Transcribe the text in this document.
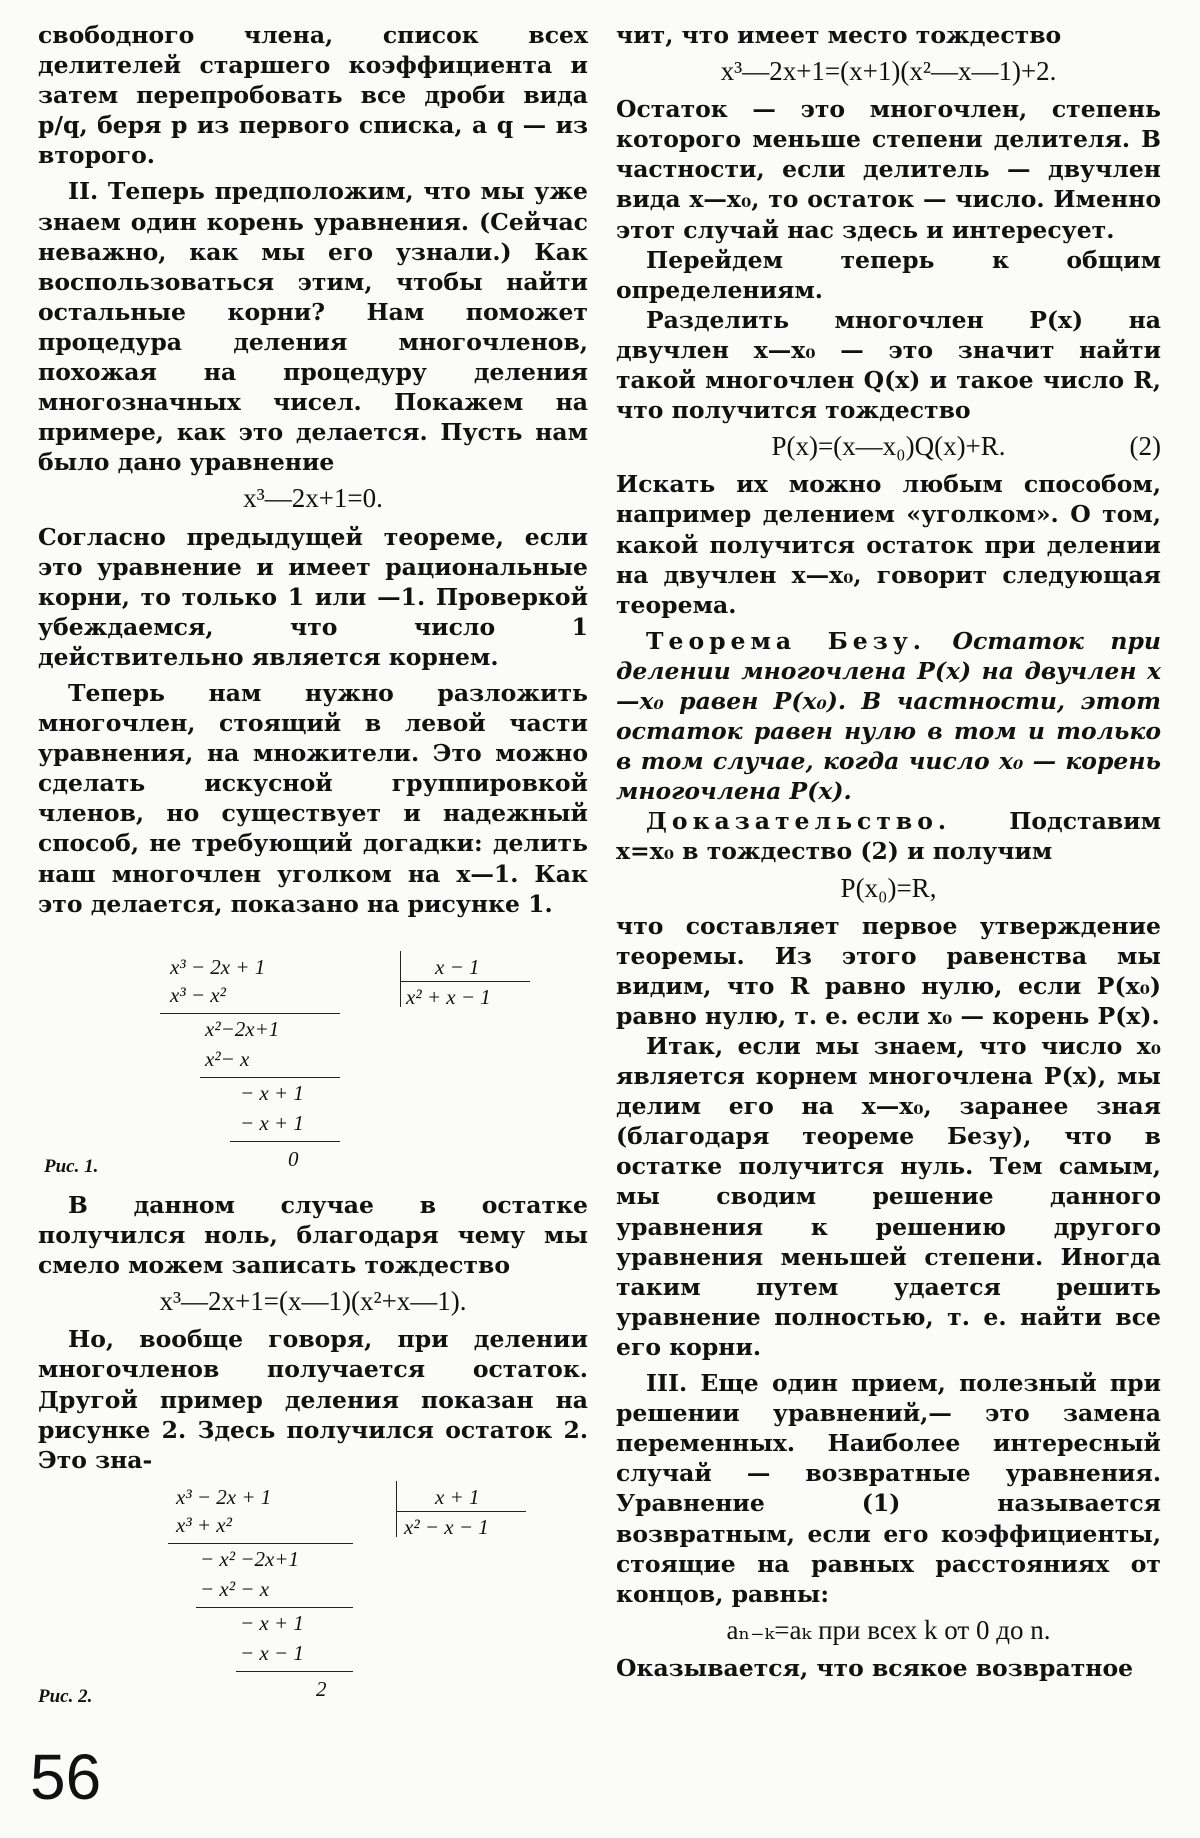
свободного члена, список всех делителей старшего коэффициента и затем перепробовать все дроби вида p/q, беря p из первого списка, а q — из второго.

II. Теперь предположим, что мы уже знаем один корень уравнения. (Сейчас неважно, как мы его узнали.) Как воспользоваться этим, чтобы найти остальные корни? Нам поможет процедура деления многочленов, похожая на процедуру деления многозначных чисел. Покажем на примере, как это делается. Пусть нам было дано уравнение

x³—2x+1=0.

Согласно предыдущей теореме, если это уравнение и имеет рациональные корни, то только 1 или —1. Проверкой убеждаемся, что число 1 действительно является корнем.

Теперь нам нужно разложить многочлен, стоящий в левой части уравнения, на множители. Это можно сделать искусной группировкой членов, но существует и надежный способ, не требующий догадки: делить наш многочлен уголком на x—1. Как это делается, показано на рисунке 1.

x³ − 2x + 1	x − 1
x³ − x²	x² + x − 1
x²−2x+1
x²− x
− x + 1
− x + 1
0
Рис. 1.

В данном случае в остатке получился ноль, благодаря чему мы смело можем записать тождество

x³—2x+1=(x—1)(x²+x—1).

Но, вообще говоря, при делении многочленов получается остаток. Другой пример деления показан на рисунке 2. Здесь получился остаток 2. Это зна-

x³ − 2x + 1	x + 1
x³ + x²	x² − x − 1
− x² −2x+1
− x² − x
− x + 1
− x − 1
2
Рис. 2.

чит, что имеет место тождество

x³—2x+1=(x+1)(x²—x—1)+2.

Остаток — это многочлен, степень которого меньше степени делителя. В частности, если делитель — двучлен вида x—x₀, то остаток — число. Именно этот случай нас здесь и интересует.

Перейдем теперь к общим определениям.

Разделить многочлен P(x) на двучлен x—x₀ — это значит найти такой многочлен Q(x) и такое число R, что получится тождество

P(x)=(x—x₀)Q(x)+R.	(2)

Искать их можно любым способом, например делением «уголком». О том, какой получится остаток при делении на двучлен x—x₀, говорит следующая теорема.

Теорема Безу. Остаток при делении многочлена P(x) на двучлен x—x₀ равен P(x₀). В частности, этот остаток равен нулю в том и только в том случае, когда число x₀ — корень многочлена P(x).

Доказательство. Подставим x=x₀ в тождество (2) и получим

P(x₀)=R,

что составляет первое утверждение теоремы. Из этого равенства мы видим, что R равно нулю, если P(x₀) равно нулю, т. е. если x₀ — корень P(x).

Итак, если мы знаем, что число x₀ является корнем многочлена P(x), мы делим его на x—x₀, заранее зная (благодаря теореме Безу), что в остатке получится нуль. Тем самым, мы сводим решение данного уравнения к решению другого уравнения меньшей степени. Иногда таким путем удается решить уравнение полностью, т. е. найти все его корни.

III. Еще один прием, полезный при решении уравнений,— это замена переменных. Наиболее интересный случай — возвратные уравнения. Уравнение (1) называется возвратным, если его коэффициенты, стоящие на равных расстояниях от концов, равны:

aₙ₋ₖ=aₖ при всех k от 0 до n.

Оказывается, что всякое возвратное

56
